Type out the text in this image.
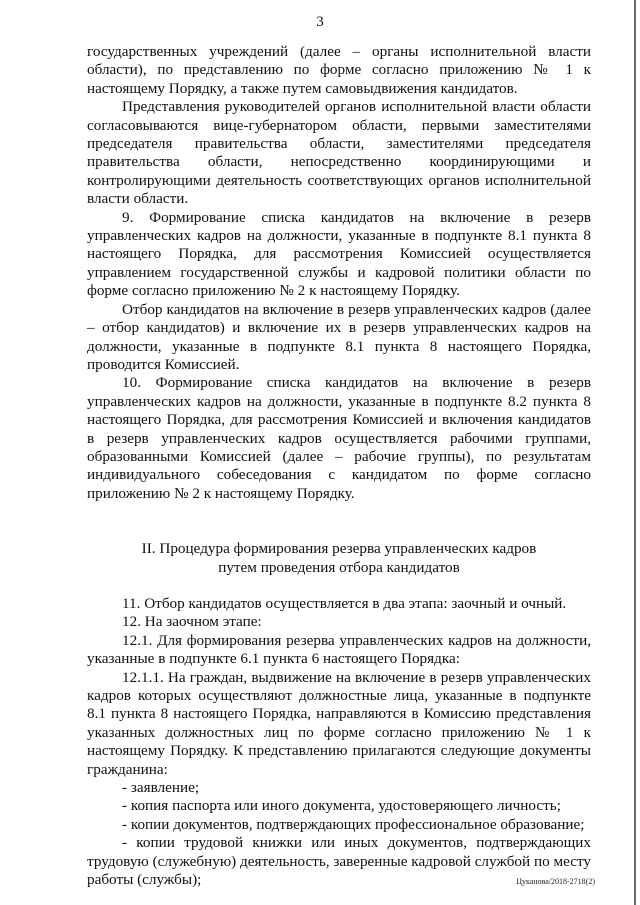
3

государственных учреждений (далее – органы исполнительной власти области), по представлению по форме согласно приложению № 1 к настоящему Порядку, а также путем самовыдвижения кандидатов.

Представления руководителей органов исполнительной власти области согласовываются вице-губернатором области, первыми заместителями председателя правительства области, заместителями председателя правительства области, непосредственно координирующими и контролирующими деятельность соответствующих органов исполнительной власти области.

9. Формирование списка кандидатов на включение в резерв управленческих кадров на должности, указанные в подпункте 8.1 пункта 8 настоящего Порядка, для рассмотрения Комиссией осуществляется управлением государственной службы и кадровой политики области по форме согласно приложению № 2 к настоящему Порядку.

Отбор кандидатов на включение в резерв управленческих кадров (далее – отбор кандидатов) и включение их в резерв управленческих кадров на должности, указанные в подпункте 8.1 пункта 8 настоящего Порядка, проводится Комиссией.

10. Формирование списка кандидатов на включение в резерв управленческих кадров на должности, указанные в подпункте 8.2 пункта 8 настоящего Порядка, для рассмотрения Комиссией и включения кандидатов в резерв управленческих кадров осуществляется рабочими группами, образованными Комиссией (далее – рабочие группы), по результатам индивидуального собеседования с кандидатом по форме согласно приложению № 2 к настоящему Порядку.

II. Процедура формирования резерва управленческих кадров

путем проведения отбора кандидатов

11. Отбор кандидатов осуществляется в два этапа: заочный и очный.

12. На заочном этапе:

12.1. Для формирования резерва управленческих кадров на должности, указанные в подпункте 6.1 пункта 6 настоящего Порядка:

12.1.1. На граждан, выдвижение на включение в резерв управленческих кадров которых осуществляют должностные лица, указанные в подпункте 8.1 пункта 8 настоящего Порядка, направляются в Комиссию представления указанных должностных лиц по форме согласно приложению № 1 к настоящему Порядку. К представлению прилагаются следующие документы гражданина:

- заявление;

- копия паспорта или иного документа, удостоверяющего личность;

- копии документов, подтверждающих профессиональное образование;

- копии трудовой книжки или иных документов, подтверждающих трудовую (служебную) деятельность, заверенные кадровой службой по месту работы (службы);	Цуканова/2018-2718(2)
